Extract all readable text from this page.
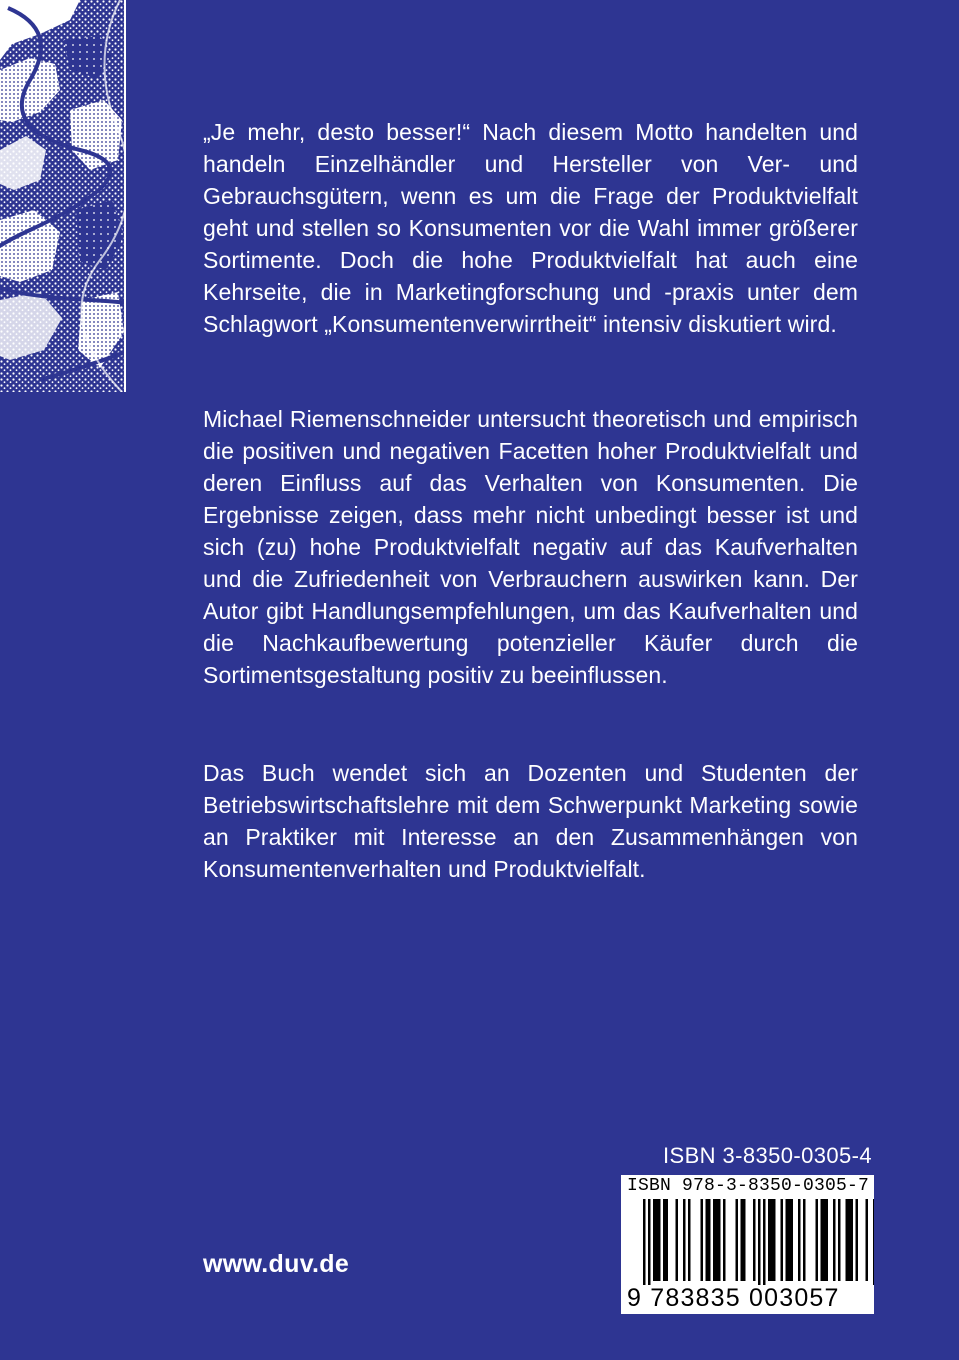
„Je mehr, desto besser!“ Nach diesem Motto handelten und handeln Einzelhändler und Hersteller von Ver- und Gebrauchsgütern, wenn es um die Frage der Produktvielfalt geht und stellen so Konsumenten vor die Wahl immer größerer Sortimente. Doch die hohe Produktvielfalt hat auch eine Kehrseite, die in Marketingforschung und -praxis unter dem Schlagwort „Konsumentenverwirrtheit“ intensiv diskutiert wird.

Michael Riemenschneider untersucht theoretisch und empirisch die positiven und negativen Facetten hoher Produktvielfalt und deren Einfluss auf das Verhalten von Konsumenten. Die Ergebnisse zeigen, dass mehr nicht unbedingt besser ist und sich (zu) hohe Produktvielfalt negativ auf das Kaufverhalten und die Zufriedenheit von Verbrauchern auswirken kann. Der Autor gibt Handlungsempfehlungen, um das Kaufverhalten und die Nachkaufbewertung potenzieller Käufer durch die Sortimentsgestaltung positiv zu beeinflussen.

Das Buch wendet sich an Dozenten und Studenten der Betriebswirtschaftslehre mit dem Schwerpunkt Marketing sowie an Praktiker mit Interesse an den Zusammenhängen von Konsumentenverhalten und Produktvielfalt.

ISBN 3-8350-0305-4
ISBN 978-3-8350-0305-7
9 783835 003057
www.duv.de
